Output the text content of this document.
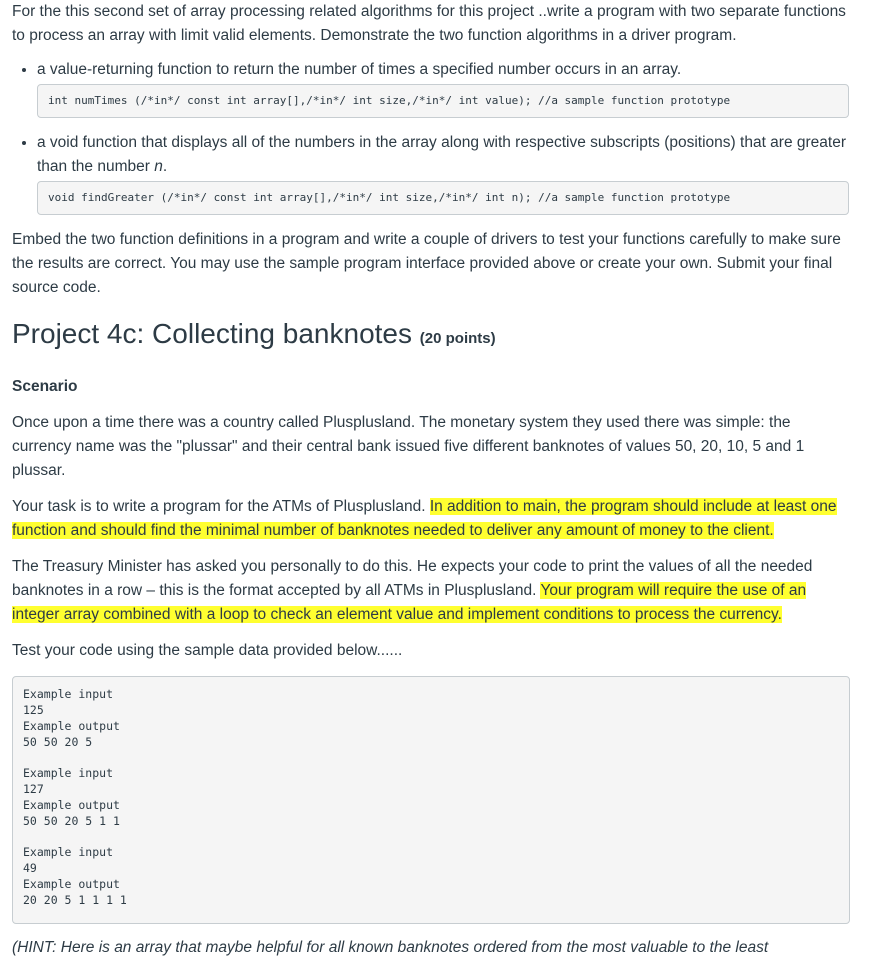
For the this second set of array processing related algorithms for this project ..write a program with two separate functions to process an array with limit valid elements. Demonstrate the two function algorithms in a driver program.

• a value-returning function to return the number of times a specified number occurs in an array.
int numTimes (/*in*/ const int array[],/*in*/ int size,/*in*/ int value); //a sample function prototype
• a void function that displays all of the numbers in the array along with respective subscripts (positions) that are greater than the number n.
void findGreater (/*in*/ const int array[],/*in*/ int size,/*in*/ int n); //a sample function prototype

Embed the two function definitions in a program and write a couple of drivers to test your functions carefully to make sure the results are correct. You may use the sample program interface provided above or create your own. Submit your final source code.

Project 4c: Collecting banknotes (20 points)
Scenario

Once upon a time there was a country called Plusplusland. The monetary system they used there was simple: the currency name was the "plussar" and their central bank issued five different banknotes of values 50, 20, 10, 5 and 1 plussar.

Your task is to write a program for the ATMs of Plusplusland. In addition to main, the program should include at least one function and should find the minimal number of banknotes needed to deliver any amount of money to the client.

The Treasury Minister has asked you personally to do this. He expects your code to print the values of all the needed banknotes in a row – this is the format accepted by all ATMs in Plusplusland. Your program will require the use of an integer array combined with a loop to check an element value and implement conditions to process the currency.

Test your code using the sample data provided below......

Example input
125
Example output
50 50 20 5
Example input
127
Example output
50 50 20 5 1 1
Example input
49
Example output
20 20 5 1 1 1 1

(HINT: Here is an array that maybe helpful for all known banknotes ordered from the most valuable to the least
